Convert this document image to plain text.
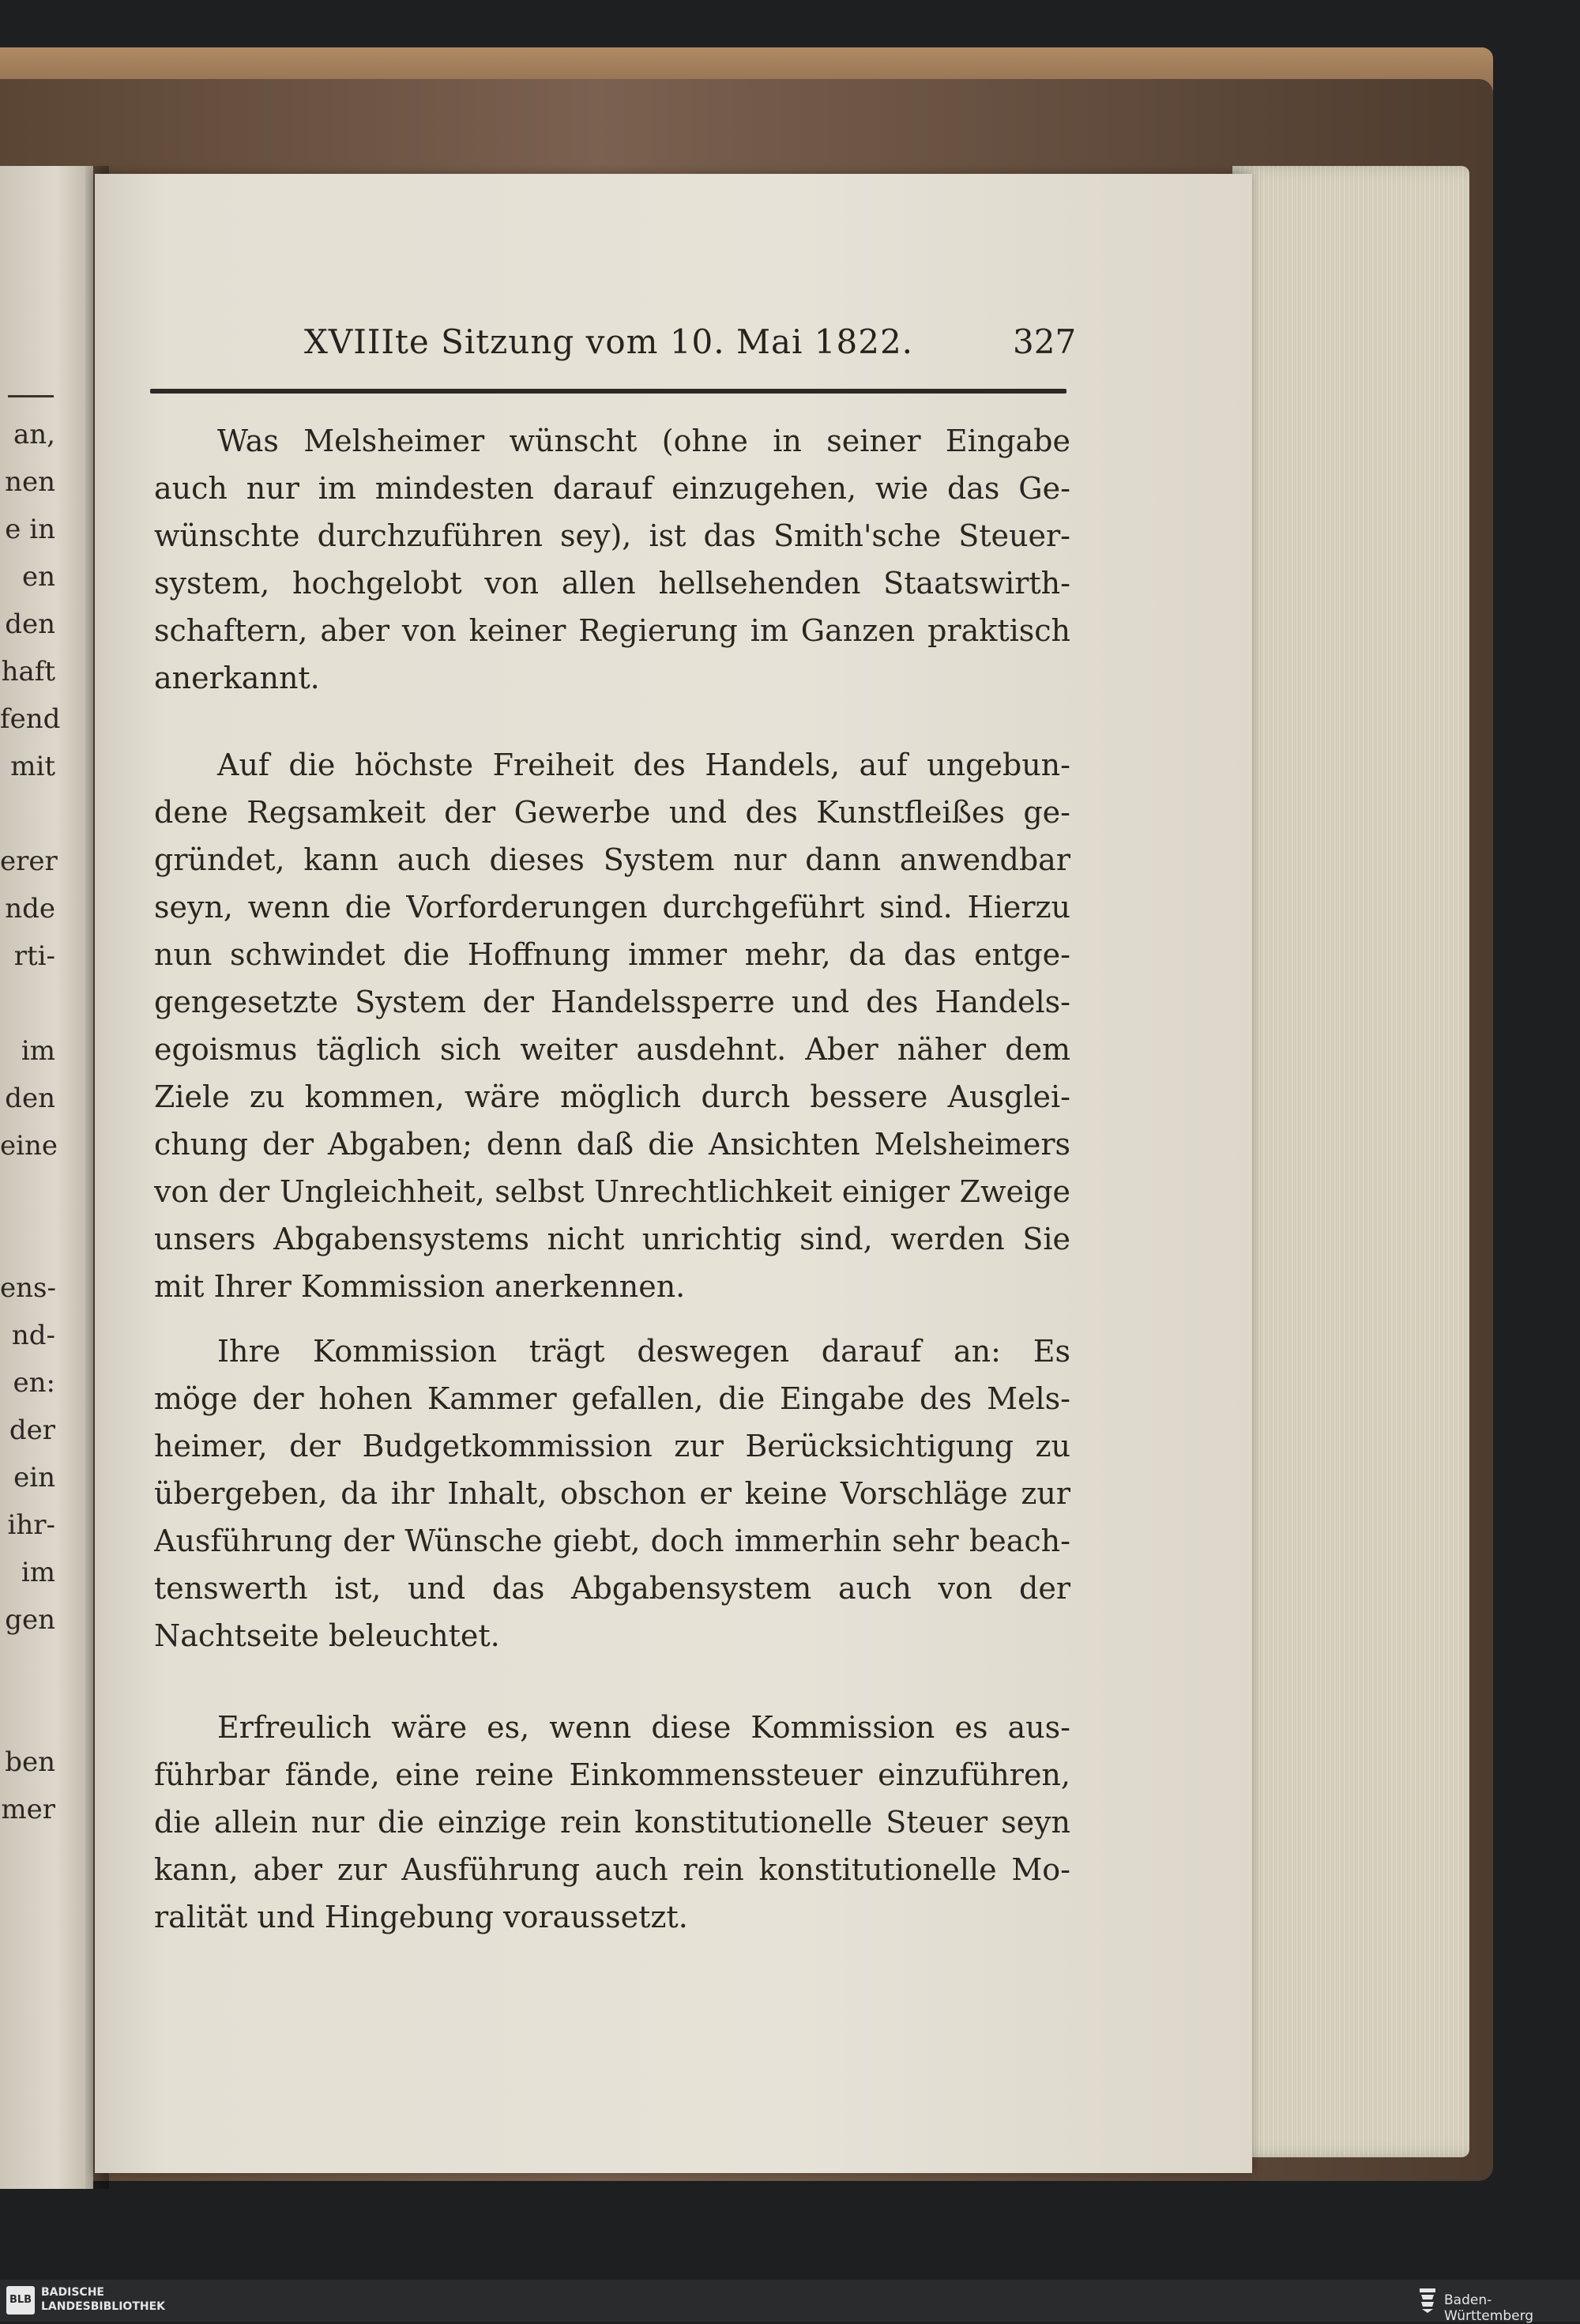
an,
nen
e in
en
den
haft
fend
mit
erer
nde
rti‑
im
den
eine
ens‑
nd‑
en:
der
ein
ihr‑
im
gen
ben
mer
XVIIIte Sitzung vom 10. Mai 1822.	327
Was Melsheimer wünscht (ohne in seiner Eingabe
auch nur im mindesten darauf einzugehen, wie das Ge‑
wünschte durchzuführen sey), ist das Smith'sche Steuer‑
system, hochgelobt von allen hellsehenden Staatswirth‑
schaftern, aber von keiner Regierung im Ganzen praktisch
anerkannt.
Auf die höchste Freiheit des Handels, auf ungebun‑
dene Regsamkeit der Gewerbe und des Kunstfleißes ge‑
gründet, kann auch dieses System nur dann anwendbar
seyn, wenn die Vorforderungen durchgeführt sind. Hierzu
nun schwindet die Hoffnung immer mehr, da das entge‑
gengesetzte System der Handelssperre und des Handels‑
egoismus täglich sich weiter ausdehnt. Aber näher dem
Ziele zu kommen, wäre möglich durch bessere Ausglei‑
chung der Abgaben; denn daß die Ansichten Melsheimers
von der Ungleichheit, selbst Unrechtlichkeit einiger Zweige
unsers Abgabensystems nicht unrichtig sind, werden Sie
mit Ihrer Kommission anerkennen.
Ihre Kommission trägt deswegen darauf an: Es
möge der hohen Kammer gefallen, die Eingabe des Mels‑
heimer, der Budgetkommission zur Berücksichtigung zu
übergeben, da ihr Inhalt, obschon er keine Vorschläge zur
Ausführung der Wünsche giebt, doch immerhin sehr beach‑
tenswerth ist, und das Abgabensystem auch von der
Nachtseite beleuchtet.
Erfreulich wäre es, wenn diese Kommission es aus‑
führbar fände, eine reine Einkommenssteuer einzuführen,
die allein nur die einzige rein konstitutionelle Steuer seyn
kann, aber zur Ausführung auch rein konstitutionelle Mo‑
ralität und Hingebung voraussetzt.
BLB
BADISCHE
LANDESBIBLIOTHEK	Baden-Württemberg
